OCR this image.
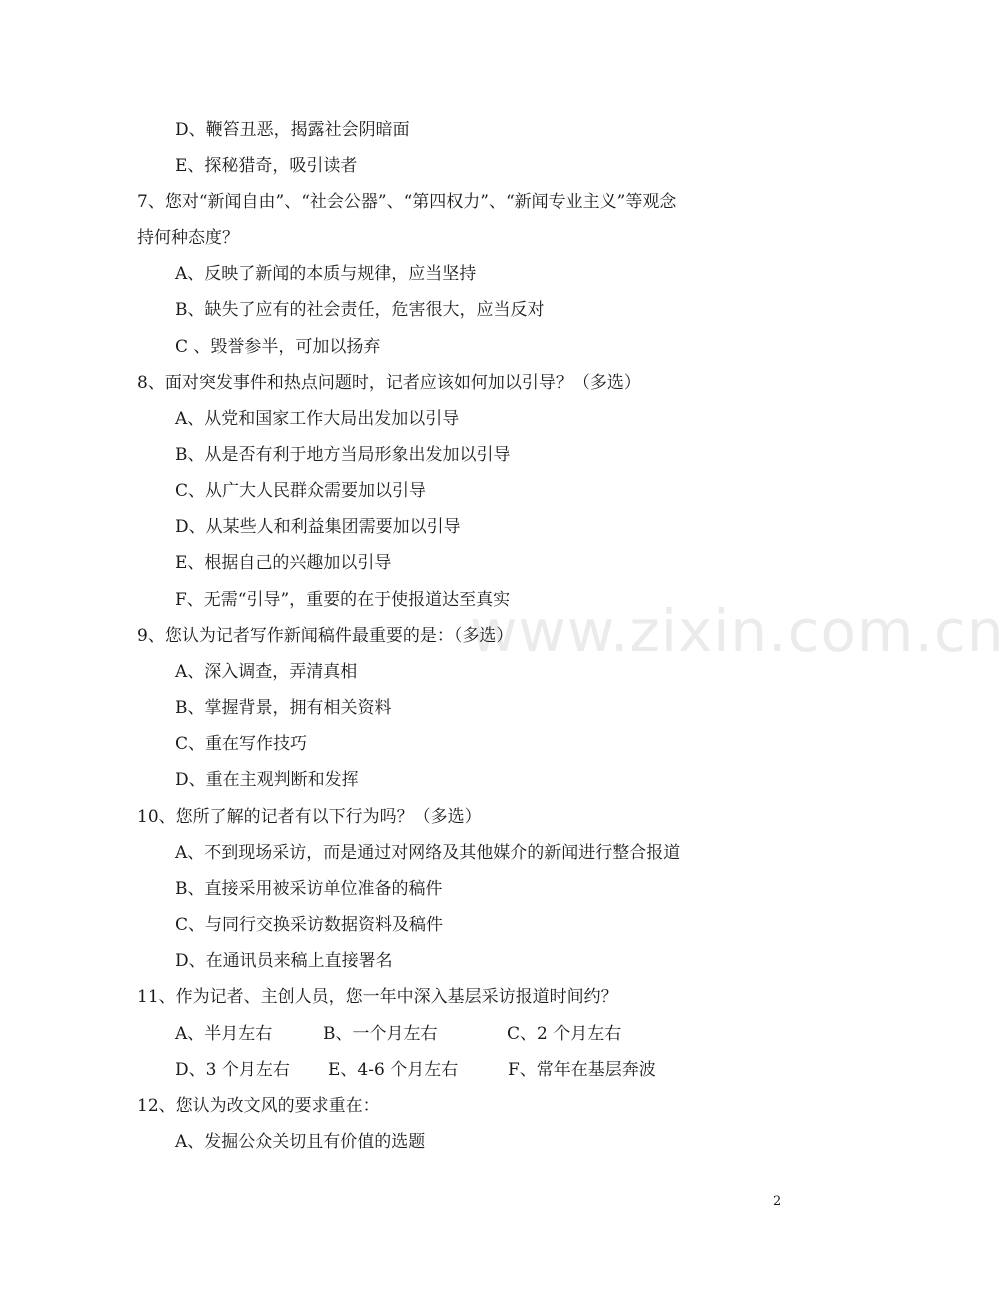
D、鞭笞丑恶，揭露社会阴暗面
E、探秘猎奇，吸引读者
7、您对“新闻自由”、“社会公器”、“第四权力”、“新闻专业主义”等观念
持何种态度？
A、反映了新闻的本质与规律，应当坚持
B、缺失了应有的社会责任，危害很大，应当反对
C 、毁誉参半，可加以扬弃
8、面对突发事件和热点问题时，记者应该如何加以引导？（多选）
A、从党和国家工作大局出发加以引导
B、从是否有利于地方当局形象出发加以引导
C、从广大人民群众需要加以引导
D、从某些人和利益集团需要加以引导
E、根据自己的兴趣加以引导
F、无需“引导”，重要的在于使报道达至真实
9、您认为记者写作新闻稿件最重要的是：（多选）
A、深入调查，弄清真相
B、掌握背景，拥有相关资料
C、重在写作技巧
D、重在主观判断和发挥
10、您所了解的记者有以下行为吗？（多选）
A、不到现场采访，而是通过对网络及其他媒介的新闻进行整合报道
B、直接采用被采访单位准备的稿件
C、与同行交换采访数据资料及稿件
D、在通讯员来稿上直接署名
11、作为记者、主创人员，您一年中深入基层采访报道时间约？
A、半月左右	B、一个月左右	C、2 个月左右
D、3 个月左右 E、4-6 个月左右	F、常年在基层奔波
12、您认为改文风的要求重在：
A、发掘公众关切且有价值的选题
www.zixin.com.cn
2
